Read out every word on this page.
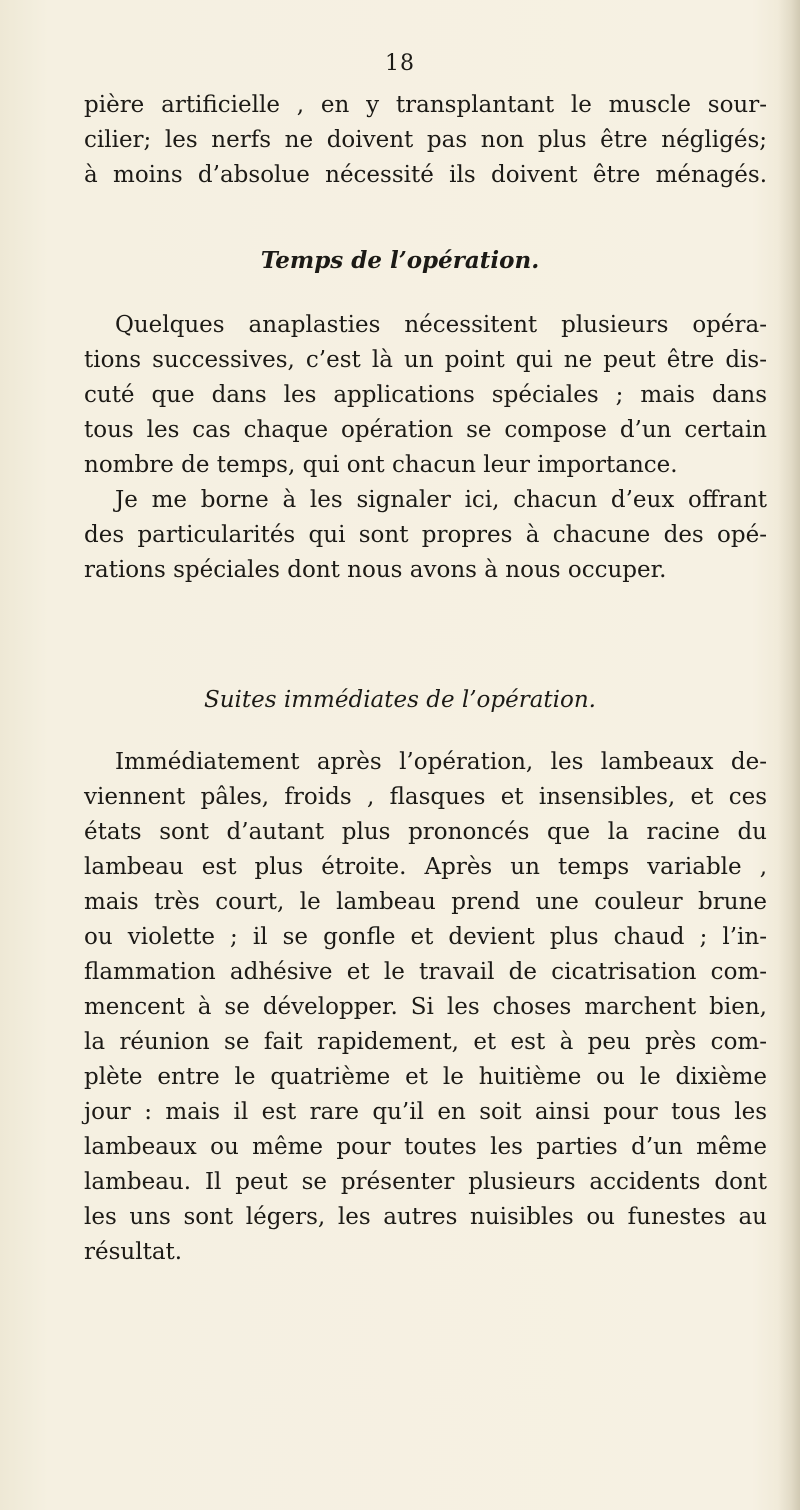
18

pière artificielle , en y transplantant le muscle sour-
cilier; les nerfs ne doivent pas non plus être négligés;
à moins d’absolue nécessité ils doivent être ménagés.

Temps de l’opération.

Quelques anaplasties nécessitent plusieurs opéra-
tions successives, c’est là un point qui ne peut être dis-
cuté que dans les applications spéciales ; mais dans
tous les cas chaque opération se compose d’un certain
nombre de temps, qui ont chacun leur importance.
Je me borne à les signaler ici, chacun d’eux offrant
des particularités qui sont propres à chacune des opé-
rations spéciales dont nous avons à nous occuper.

Suites immédiates de l’opération.

Immédiatement après l’opération, les lambeaux de-
viennent pâles, froids , flasques et insensibles, et ces
états sont d’autant plus prononcés que la racine du
lambeau est plus étroite. Après un temps variable ,
mais très court, le lambeau prend une couleur brune
ou violette ; il se gonfle et devient plus chaud ; l’in-
flammation adhésive et le travail de cicatrisation com-
mencent à se développer. Si les choses marchent bien,
la réunion se fait rapidement, et est à peu près com-
plète entre le quatrième et le huitième ou le dixième
jour : mais il est rare qu’il en soit ainsi pour tous les
lambeaux ou même pour toutes les parties d’un même
lambeau. Il peut se présenter plusieurs accidents dont
les uns sont légers, les autres nuisibles ou funestes au
résultat.
